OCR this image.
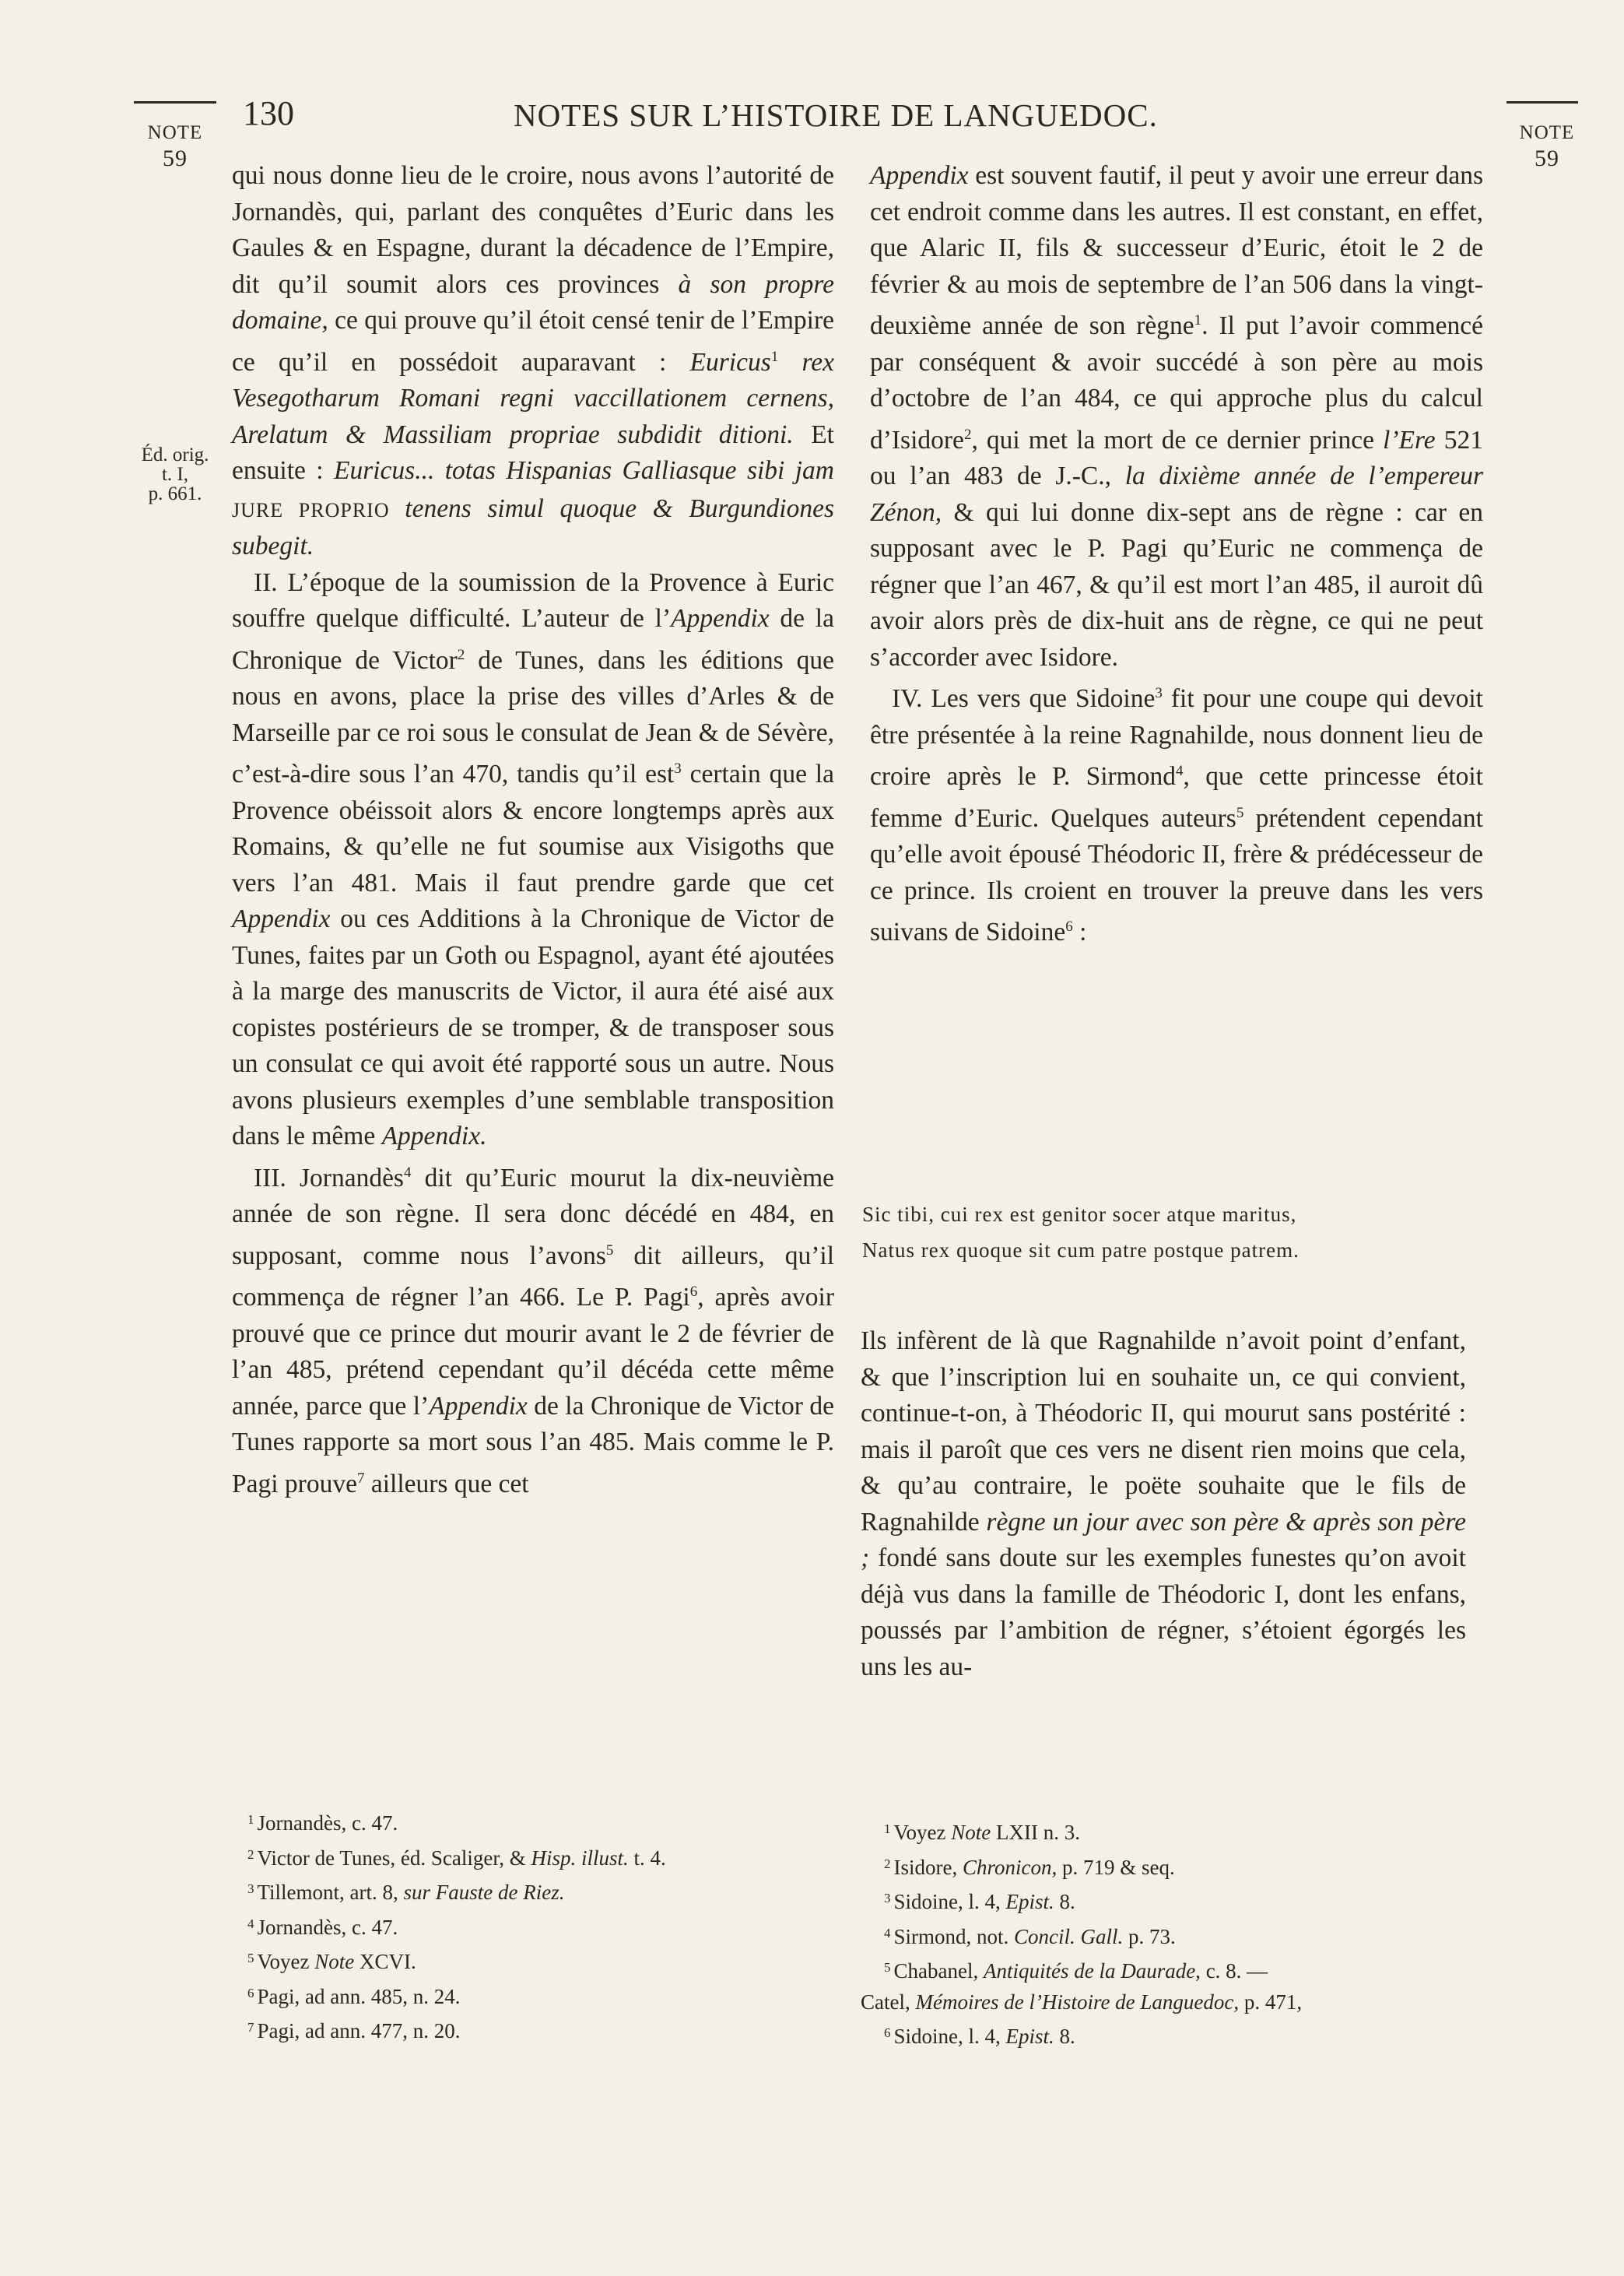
NOTE
59
130	NOTES SUR L’HISTOIRE DE LANGUEDOC.	NOTE
59
Éd. orig.
t. I,
p. 661.

qui nous donne lieu de le croire, nous avons l’autorité de Jornandès, qui, parlant des conquêtes d’Euric dans les Gaules & en Espagne, durant la décadence de l’Empire, dit qu’il soumit alors ces provinces à son propre domaine, ce qui prouve qu’il étoit censé tenir de l’Empire ce qu’il en possédoit auparavant : Euricus$^1$ rex Vesegotharum Romani regni vaccillationem cernens, Arelatum & Massiliam propriae subdidit ditioni. Et ensuite : Euricus... totas Hispanias Galliasque sibi jam JURE PROPRIO tenens simul quoque & Burgundiones subegit.

II. L’époque de la soumission de la Provence à Euric souffre quelque difficulté. L’auteur de l’Appendix de la Chronique de Victor$^2$ de Tunes, dans les éditions que nous en avons, place la prise des villes d’Arles & de Marseille par ce roi sous le consulat de Jean & de Sévère, c’est-à-dire sous l’an 470, tandis qu’il est$^3$ certain que la Provence obéissoit alors & encore longtemps après aux Romains, & qu’elle ne fut soumise aux Visigoths que vers l’an 481. Mais il faut prendre garde que cet Appendix ou ces Additions à la Chronique de Victor de Tunes, faites par un Goth ou Espagnol, ayant été ajoutées à la marge des manuscrits de Victor, il aura été aisé aux copistes postérieurs de se tromper, & de transposer sous un consulat ce qui avoit été rapporté sous un autre. Nous avons plusieurs exemples d’une semblable transposition dans le même Appendix.

III. Jornandès$^4$ dit qu’Euric mourut la dix-neuvième année de son règne. Il sera donc décédé en 484, en supposant, comme nous l’avons$^5$ dit ailleurs, qu’il commença de régner l’an 466. Le P. Pagi$^6$, après avoir prouvé que ce prince dut mourir avant le 2 de février de l’an 485, prétend cependant qu’il décéda cette même année, parce que l’Appendix de la Chronique de Victor de Tunes rapporte sa mort sous l’an 485. Mais comme le P. Pagi prouve$^7$ ailleurs que cet

Appendix est souvent fautif, il peut y avoir une erreur dans cet endroit comme dans les autres. Il est constant, en effet, que Alaric II, fils & successeur d’Euric, étoit le 2 de février & au mois de septembre de l’an 506 dans la vingt-deuxième année de son règne$^1$. Il put l’avoir commencé par conséquent & avoir succédé à son père au mois d’octobre de l’an 484, ce qui approche plus du calcul d’Isidore$^2$, qui met la mort de ce dernier prince l’Ere 521 ou l’an 483 de J.-C., la dixième année de l’empereur Zénon, & qui lui donne dix-sept ans de règne : car en supposant avec le P. Pagi qu’Euric ne commença de régner que l’an 467, & qu’il est mort l’an 485, il auroit dû avoir alors près de dix-huit ans de règne, ce qui ne peut s’accorder avec Isidore.

IV. Les vers que Sidoine$^3$ fit pour une coupe qui devoit être présentée à la reine Ragnahilde, nous donnent lieu de croire après le P. Sirmond$^4$, que cette princesse étoit femme d’Euric. Quelques auteurs$^5$ prétendent cependant qu’elle avoit épousé Théodoric II, frère & prédécesseur de ce prince. Ils croient en trouver la preuve dans les vers suivans de Sidoine$^6$ :

Sic tibi, cui rex est genitor socer atque maritus,
Natus rex quoque sit cum patre postque patrem.

Ils infèrent de là que Ragnahilde n’avoit point d’enfant, & que l’inscription lui en souhaite un, ce qui convient, continue-t-on, à Théodoric II, qui mourut sans postérité : mais il paroît que ces vers ne disent rien moins que cela, & qu’au contraire, le poëte souhaite que le fils de Ragnahilde règne un jour avec son père & après son père ; fondé sans doute sur les exemples funestes qu’on avoit déjà vus dans la famille de Théodoric I, dont les enfans, poussés par l’ambition de régner, s’étoient égorgés les uns les au-

$^1$ Jornandès, c. 47.
$^2$ Victor de Tunes, éd. Scaliger, & Hisp. illust. t. 4.
$^3$ Tillemont, art. 8, sur Fauste de Riez.
$^4$ Jornandès, c. 47.
$^5$ Voyez Note XCVI.
$^6$ Pagi, ad ann. 485, n. 24.
$^7$ Pagi, ad ann. 477, n. 20.
$^1$ Voyez Note LXII n. 3.
$^2$ Isidore, Chronicon, p. 719 & seq.
$^3$ Sidoine, l. 4, Epist. 8.
$^4$ Sirmond, not. Concil. Gall. p. 73.
$^5$ Chabanel, Antiquités de la Daurade, c. 8. —
Catel, Mémoires de l’Histoire de Languedoc, p. 471,
$^6$ Sidoine, l. 4, Epist. 8.
